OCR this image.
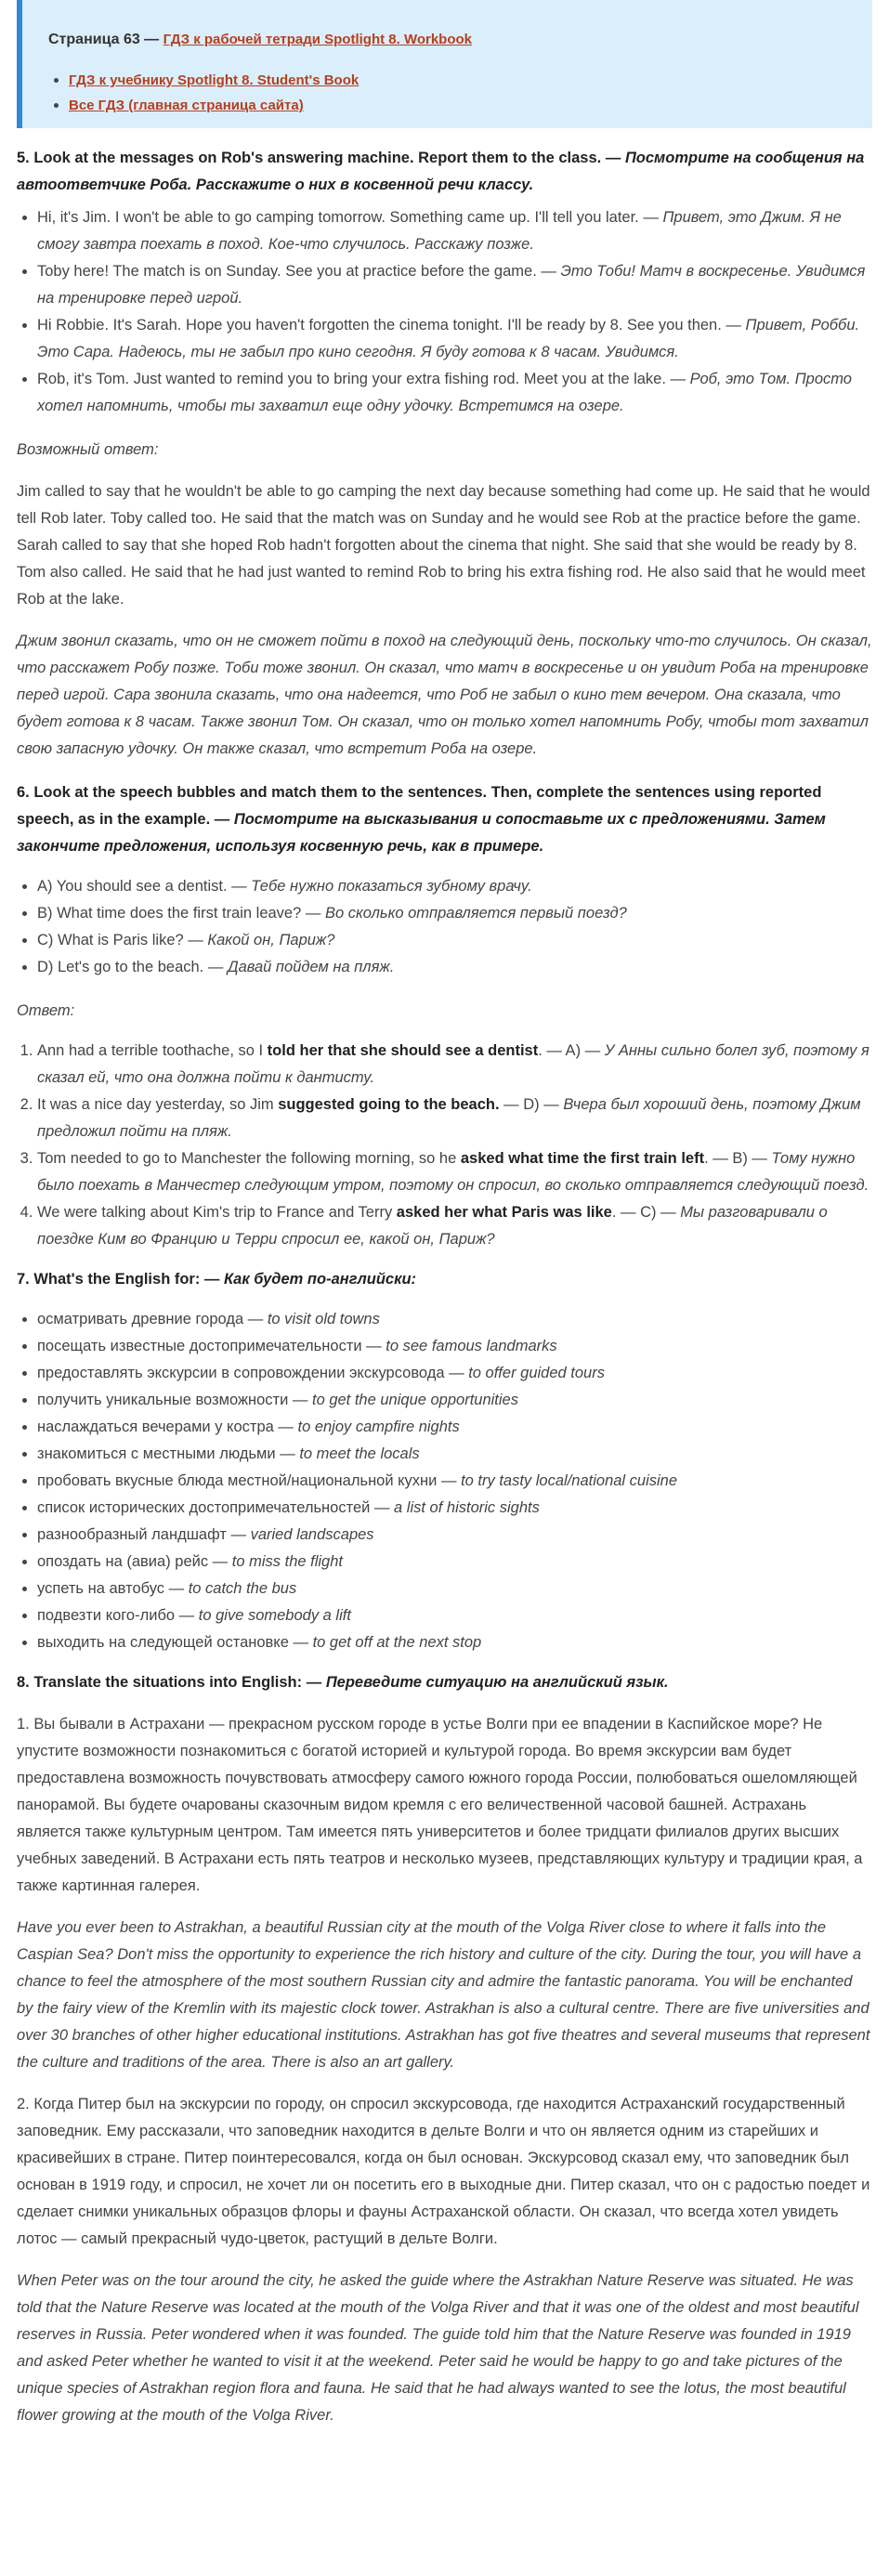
Страница 63 — ГДЗ к рабочей тетради Spotlight 8. Workbook

• ГДЗ к учебнику Spotlight 8. Student's Book
• Все ГДЗ (главная страница сайта)
5. Look at the messages on Rob's answering machine. Report them to the class. — Посмотрите на сообщения на автоответчике Роба. Расскажите о них в косвенной речи классу.
• Hi, it's Jim. I won't be able to go camping tomorrow. Something came up. I'll tell you later. — Привет, это Джим. Я не смогу завтра поехать в поход. Кое-что случилось. Расскажу позже.
• Toby here! The match is on Sunday. See you at practice before the game. — Это Тоби! Матч в воскресенье. Увидимся на тренировке перед игрой.
• Hi Robbie. It's Sarah. Hope you haven't forgotten the cinema tonight. I'll be ready by 8. See you then. — Привет, Робби. Это Сара. Надеюсь, ты не забыл про кино сегодня. Я буду готова к 8 часам. Увидимся.
• Rob, it's Tom. Just wanted to remind you to bring your extra fishing rod. Meet you at the lake. — Роб, это Том. Просто хотел напомнить, чтобы ты захватил еще одну удочку. Встретимся на озере.

Возможный ответ:

Jim called to say that he wouldn't be able to go camping the next day because something had come up. He said that he would tell Rob later. Toby called too. He said that the match was on Sunday and he would see Rob at the practice before the game. Sarah called to say that she hoped Rob hadn't forgotten about the cinema that night. She said that she would be ready by 8. Tom also called. He said that he had just wanted to remind Rob to bring his extra fishing rod. He also said that he would meet Rob at the lake.

Джим звонил сказать, что он не сможет пойти в поход на следующий день, поскольку что-то случилось. Он сказал, что расскажет Робу позже. Тоби тоже звонил. Он сказал, что матч в воскресенье и он увидит Роба на тренировке перед игрой. Сара звонила сказать, что она надеется, что Роб не забыл о кино тем вечером. Она сказала, что будет готова к 8 часам. Также звонил Том. Он сказал, что он только хотел напомнить Робу, чтобы тот захватил свою запасную удочку. Он также сказал, что встретит Роба на озере.

6. Look at the speech bubbles and match them to the sentences. Then, complete the sentences using reported speech, as in the example. — Посмотрите на высказывания и сопоставьте их с предложениями. Затем закончите предложения, используя косвенную речь, как в примере.
• A) You should see a dentist. — Тебе нужно показаться зубному врачу.
• B) What time does the first train leave? — Во сколько отправляется первый поезд?
• C) What is Paris like? — Какой он, Париж?
• D) Let's go to the beach. — Давай пойдем на пляж.

Ответ:

1. Ann had a terrible toothache, so I told her that she should see a dentist. — A) — У Анны сильно болел зуб, поэтому я сказал ей, что она должна пойти к дантисту.
2. It was a nice day yesterday, so Jim suggested going to the beach. — D) — Вчера был хороший день, поэтому Джим предложил пойти на пляж.
3. Tom needed to go to Manchester the following morning, so he asked what time the first train left. — B) — Тому нужно было поехать в Манчестер следующим утром, поэтому он спросил, во сколько отправляется следующий поезд.
4. We were talking about Kim's trip to France and Terry asked her what Paris was like. — C) — Мы разговаривали о поездке Ким во Францию и Терри спросил ее, какой он, Париж?
7. What's the English for: — Как будет по-английски:
• осматривать древние города — to visit old towns
• посещать известные достопримечательности — to see famous landmarks
• предоставлять экскурсии в сопровождении экскурсовода — to offer guided tours
• получить уникальные возможности — to get the unique opportunities
• наслаждаться вечерами у костра — to enjoy campfire nights
• знакомиться с местными людьми — to meet the locals
• пробовать вкусные блюда местной/национальной кухни — to try tasty local/national cuisine
• список исторических достопримечательностей — a list of historic sights
• разнообразный ландшафт — varied landscapes
• опоздать на (авиа) рейс — to miss the flight
• успеть на автобус — to catch the bus
• подвезти кого-либо — to give somebody a lift
• выходить на следующей остановке — to get off at the next stop
8. Translate the situations into English: — Переведите ситуацию на английский язык.

1. Вы бывали в Астрахани — прекрасном русском городе в устье Волги при ее впадении в Каспийское море? Не упустите возможности познакомиться с богатой историей и культурой города. Во время экскурсии вам будет предоставлена возможность почувствовать атмосферу самого южного города России, полюбоваться ошеломляющей панорамой. Вы будете очарованы сказочным видом кремля с его величественной часовой башней. Астрахань является также культурным центром. Там имеется пять университетов и более тридцати филиалов других высших учебных заведений. В Астрахани есть пять театров и несколько музеев, представляющих культуру и традиции края, а также картинная галерея.

Have you ever been to Astrakhan, a beautiful Russian city at the mouth of the Volga River close to where it falls into the Caspian Sea? Don't miss the opportunity to experience the rich history and culture of the city. During the tour, you will have a chance to feel the atmosphere of the most southern Russian city and admire the fantastic panorama. You will be enchanted by the fairy view of the Kremlin with its majestic clock tower. Astrakhan is also a cultural centre. There are five universities and over 30 branches of other higher educational institutions. Astrakhan has got five theatres and several museums that represent the culture and traditions of the area. There is also an art gallery.

2. Когда Питер был на экскурсии по городу, он спросил экскурсовода, где находится Астраханский государственный заповедник. Ему рассказали, что заповедник находится в дельте Волги и что он является одним из старейших и красивейших в стране. Питер поинтересовался, когда он был основан. Экскурсовод сказал ему, что заповедник был основан в 1919 году, и спросил, не хочет ли он посетить его в выходные дни. Питер сказал, что он с радостью поедет и сделает снимки уникальных образцов флоры и фауны Астраханской области. Он сказал, что всегда хотел увидеть лотос — самый прекрасный чудо-цветок, растущий в дельте Волги.

When Peter was on the tour around the city, he asked the guide where the Astrakhan Nature Reserve was situated. He was told that the Nature Reserve was located at the mouth of the Volga River and that it was one of the oldest and most beautiful reserves in Russia. Peter wondered when it was founded. The guide told him that the Nature Reserve was founded in 1919 and asked Peter whether he wanted to visit it at the weekend. Peter said he would be happy to go and take pictures of the unique species of Astrakhan region flora and fauna. He said that he had always wanted to see the lotus, the most beautiful flower growing at the mouth of the Volga River.
